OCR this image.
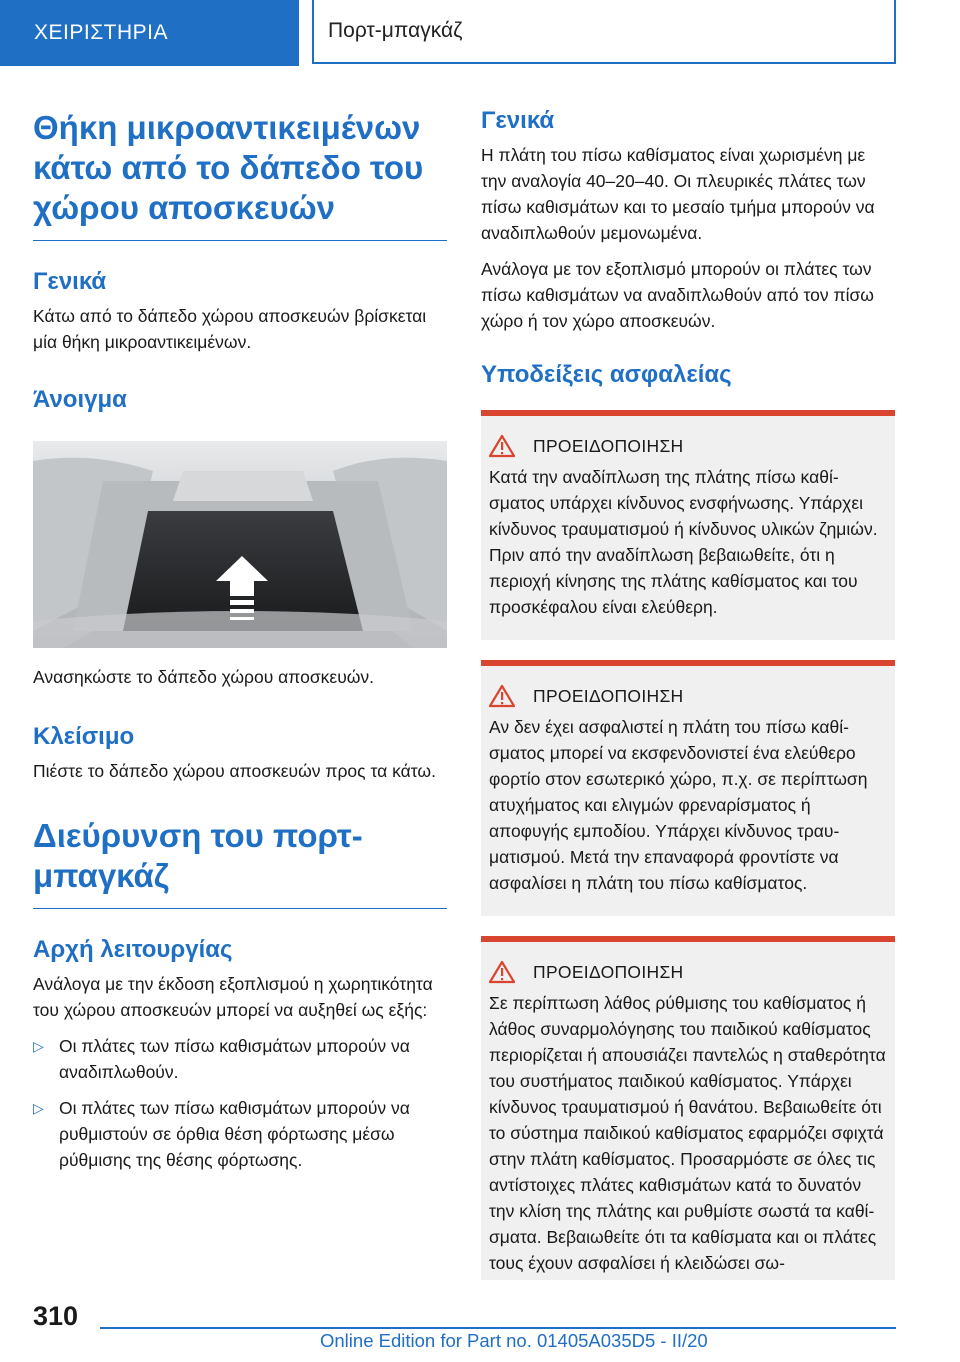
ΧΕΙΡΙΣΤΗΡΙΑ	Πορτ-μπαγκάζ
Θήκη μικροαντικειμένων κάτω από το δάπεδο του χώρου αποσκευών
Γενικά

Κάτω από το δάπεδο χώρου αποσκευών βρίσκεται μία θήκη μικροαντικειμένων.

Άνοιγμα

Ανασηκώστε το δάπεδο χώρου αποσκευών.

Κλείσιμο

Πιέστε το δάπεδο χώρου αποσκευών προς τα κάτω.

Διεύρυνση του πορτ-μπαγκάζ
Αρχή λειτουργίας

Ανάλογα με την έκδοση εξοπλισμού η χωρητικότητα του χώρου αποσκευών μπορεί να αυξηθεί ως εξής:

▷ Οι πλάτες των πίσω καθισμάτων μπορούν να αναδιπλωθούν.
▷ Οι πλάτες των πίσω καθισμάτων μπορούν να ρυθμιστούν σε όρθια θέση φόρτωσης μέσω ρύθμισης της θέσης φόρτωσης.
Γενικά

Η πλάτη του πίσω καθίσματος είναι χωρισμένη με την αναλογία 40–20–40. Οι πλευρικές πλάτες των πίσω καθισμάτων και το μεσαίο τμήμα μπορούν να αναδιπλωθούν μεμονωμένα.

Ανάλογα με τον εξοπλισμό μπορούν οι πλάτες των πίσω καθισμάτων να αναδιπλωθούν από τον πίσω χώρο ή τον χώρο αποσκευών.

Υποδείξεις ασφαλείας
ΠΡΟΕΙΔΟΠΟΙΗΣΗ

Κατά την αναδίπλωση της πλάτης πίσω καθίσματος υπάρχει κίνδυνος ενσφήνωσης. Υπάρχει κίνδυνος τραυματισμού ή κίνδυνος υλικών ζημιών. Πριν από την αναδίπλωση βεβαιωθείτε, ότι η περιοχή κίνησης της πλάτης καθίσματος και του προσκέφαλου είναι ελεύθερη.

ΠΡΟΕΙΔΟΠΟΙΗΣΗ

Αν δεν έχει ασφαλιστεί η πλάτη του πίσω καθίσματος μπορεί να εκσφενδονιστεί ένα ελεύθερο φορτίο στον εσωτερικό χώρο, π.χ. σε περίπτωση ατυχήματος και ελιγμών φρεναρίσματος ή αποφυγής εμποδίου. Υπάρχει κίνδυνος τραυματισμού. Μετά την επαναφορά φροντίστε να ασφαλίσει η πλάτη του πίσω καθίσματος.

ΠΡΟΕΙΔΟΠΟΙΗΣΗ

Σε περίπτωση λάθος ρύθμισης του καθίσματος ή λάθος συναρμολόγησης του παιδικού καθίσματος περιορίζεται ή απουσιάζει παντελώς η σταθερότητα του συστήματος παιδικού καθίσματος. Υπάρχει κίνδυνος τραυματισμού ή θανάτου. Βεβαιωθείτε ότι το σύστημα παιδικού καθίσματος εφαρμόζει σφιχτά στην πλάτη καθίσματος. Προσαρμόστε σε όλες τις αντίστοιχες πλάτες καθισμάτων κατά το δυνατόν την κλίση της πλάτης και ρυθμίστε σωστά τα καθίσματα. Βεβαιωθείτε ότι τα καθίσματα και οι πλάτες τους έχουν ασφαλίσει ή κλειδώσει σω-

310
Online Edition for Part no. 01405A035D5 - II/20
